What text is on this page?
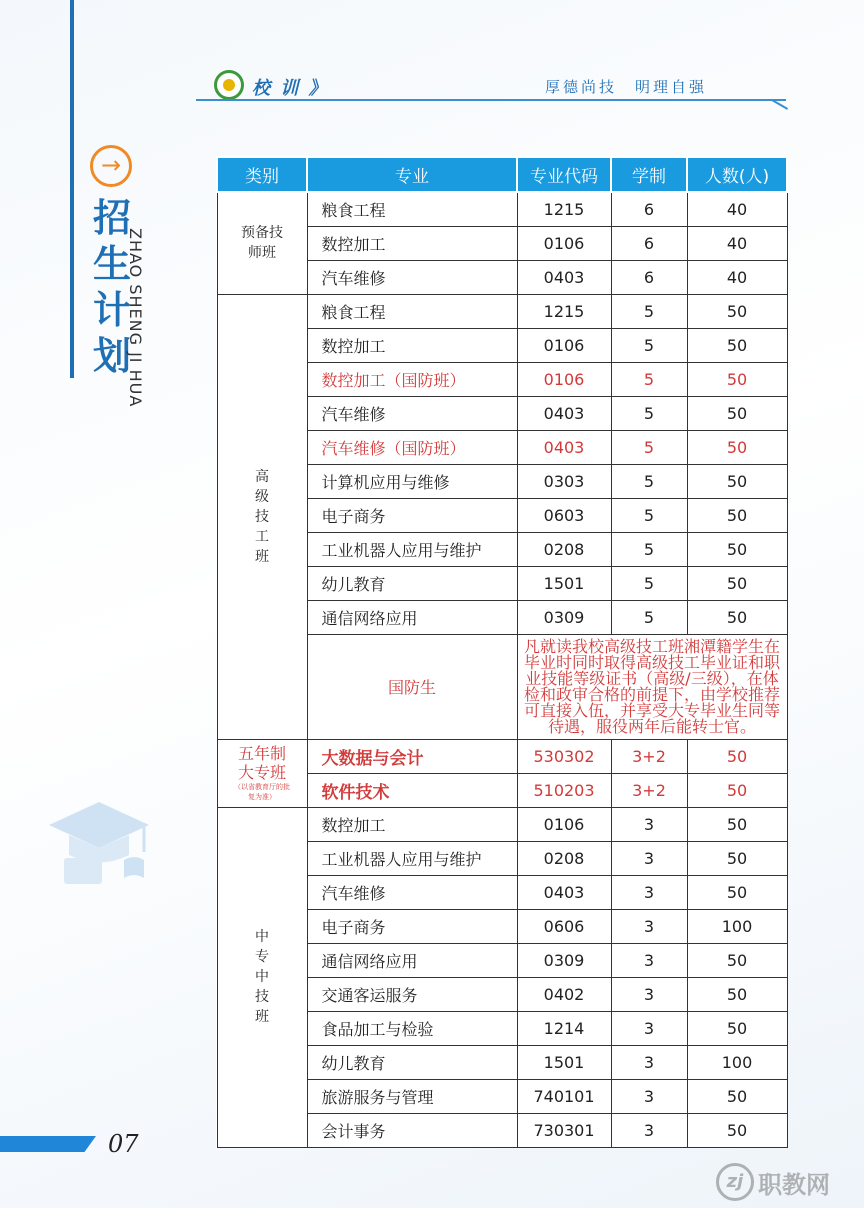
校 训 》	厚德尚技　明理自强
→
招生计划
ZHAO SHENG JI HUA
类别	专业	专业代码	学制	人数(人)
预备技师班	粮食工程	1215	6	40
	数控加工	0106	6	40
	汽车维修	0403	6	40
高级技工班	粮食工程	1215	5	50
	数控加工	0106	5	50
	数控加工（国防班）	0106	5	50
	汽车维修	0403	5	50
	汽车维修（国防班）	0403	5	50
	计算机应用与维修	0303	5	50
	电子商务	0603	5	50
	工业机器人应用与维护	0208	5	50
	幼儿教育	1501	5	50
	通信网络应用	0309	5	50
	国防生	凡就读我校高级技工班湘潭籍学生在毕业时同时取得高级技工毕业证和职业技能等级证书（高级/三级），在体检和政审合格的前提下，由学校推荐可直接入伍，并享受大专毕业生同等待遇，服役两年后能转士官。		
五年制大专班
（以省教育厅的批复为准）	大数据与会计	530302	3+2	50
	软件技术	510203	3+2	50
中专中技班	数控加工	0106	3	50
	工业机器人应用与维护	0208	3	50
	汽车维修	0403	3	50
	电子商务	0606	3	100
	通信网络应用	0309	3	50
	交通客运服务	0402	3	50
	食品加工与检验	1214	3	50
	幼儿教育	1501	3	100
	旅游服务与管理	740101	3	50
	会计事务	730301	3	50
07
zj 职教网
